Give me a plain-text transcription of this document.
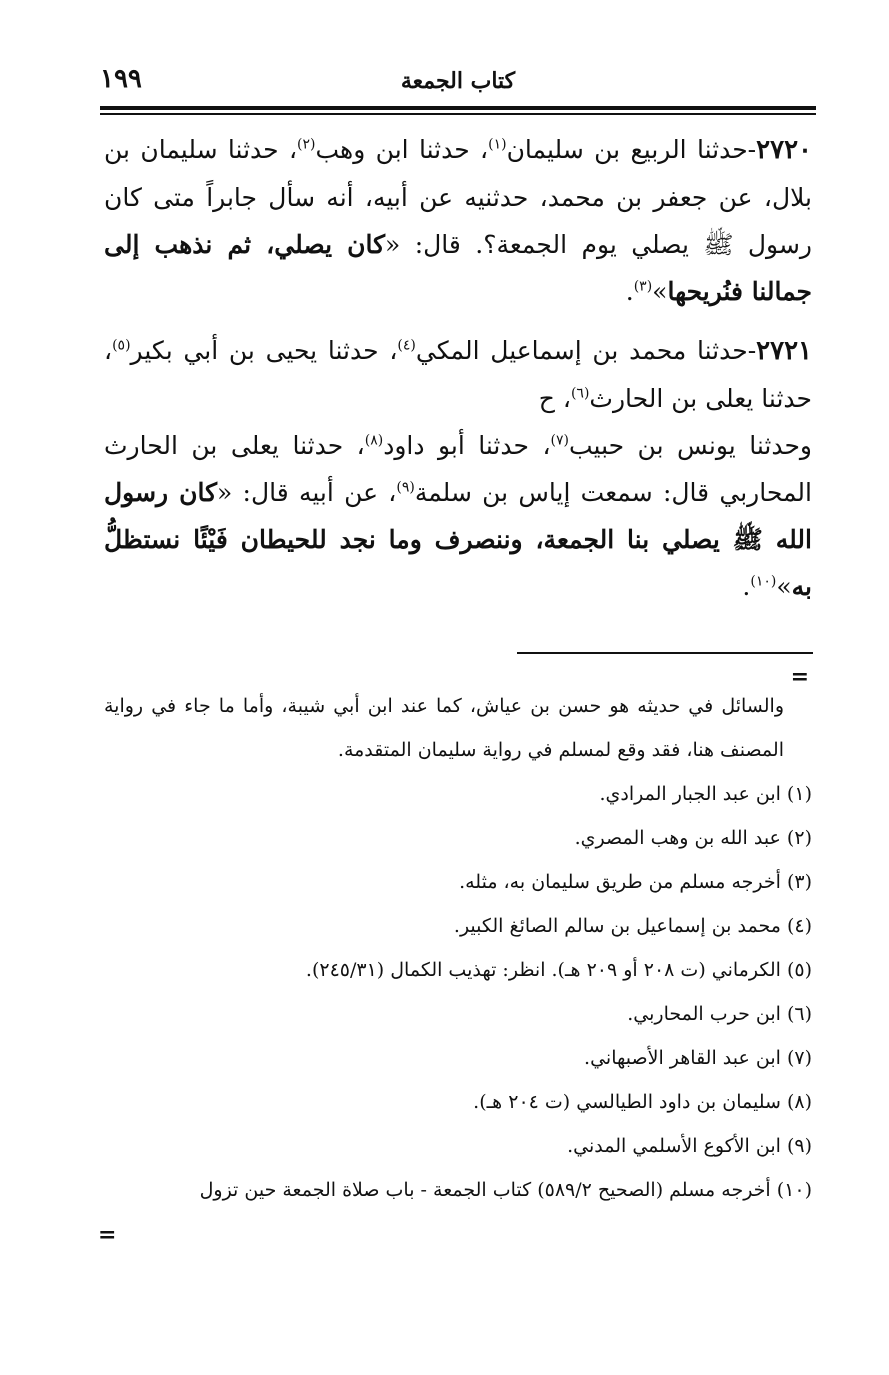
كتاب الجمعة
١٩٩

٢٧٢٠-حدثنا الربيع بن سليمان$^{(١)}$، حدثنا ابن وهب$^{(٢)}$، حدثنا سليمان بن بلال، عن جعفر بن محمد، حدثنيه عن أبيه، أنه سأل جابراً متى كان رسول ﷺ يصلي يوم الجمعة؟. قال: «كان يصلي، ثم نذهب إلى جمالنا فنُريحها»$^{(٣)}$.

٢٧٢١-حدثنا محمد بن إسماعيل المكي$^{(٤)}$، حدثنا يحيى بن أبي بكير$^{(٥)}$، حدثنا يعلى بن الحارث$^{(٦)}$، ح
وحدثنا يونس بن حبيب$^{(٧)}$، حدثنا أبو داود$^{(٨)}$، حدثنا يعلى بن الحارث المحاربي قال: سمعت إياس بن سلمة$^{(٩)}$، عن أبيه قال: «كان رسول الله ﷺ يصلي بنا الجمعة، وننصرف وما نجد للحيطان فَيْئًا نستظلُّ به»$^{(١٠)}$.

=

والسائل في حديثه هو حسن بن عياش، كما عند ابن أبي شيبة، وأما ما جاء في رواية المصنف هنا، فقد وقع لمسلم في رواية سليمان المتقدمة.

(١) ابن عبد الجبار المرادي.

(٢) عبد الله بن وهب المصري.

(٣) أخرجه مسلم من طريق سليمان به، مثله.

(٤) محمد بن إسماعيل بن سالم الصائغ الكبير.

(٥) الكرماني (ت ٢٠٨ أو ٢٠٩ هـ). انظر: تهذيب الكمال (٢٤٥/٣١).

(٦) ابن حرب المحاربي.

(٧) ابن عبد القاهر الأصبهاني.

(٨) سليمان بن داود الطيالسي (ت ٢٠٤ هـ).

(٩) ابن الأكوع الأسلمي المدني.

(١٠) أخرجه مسلم (الصحيح ٥٨٩/٢) كتاب الجمعة - باب صلاة الجمعة حين تزول

=
